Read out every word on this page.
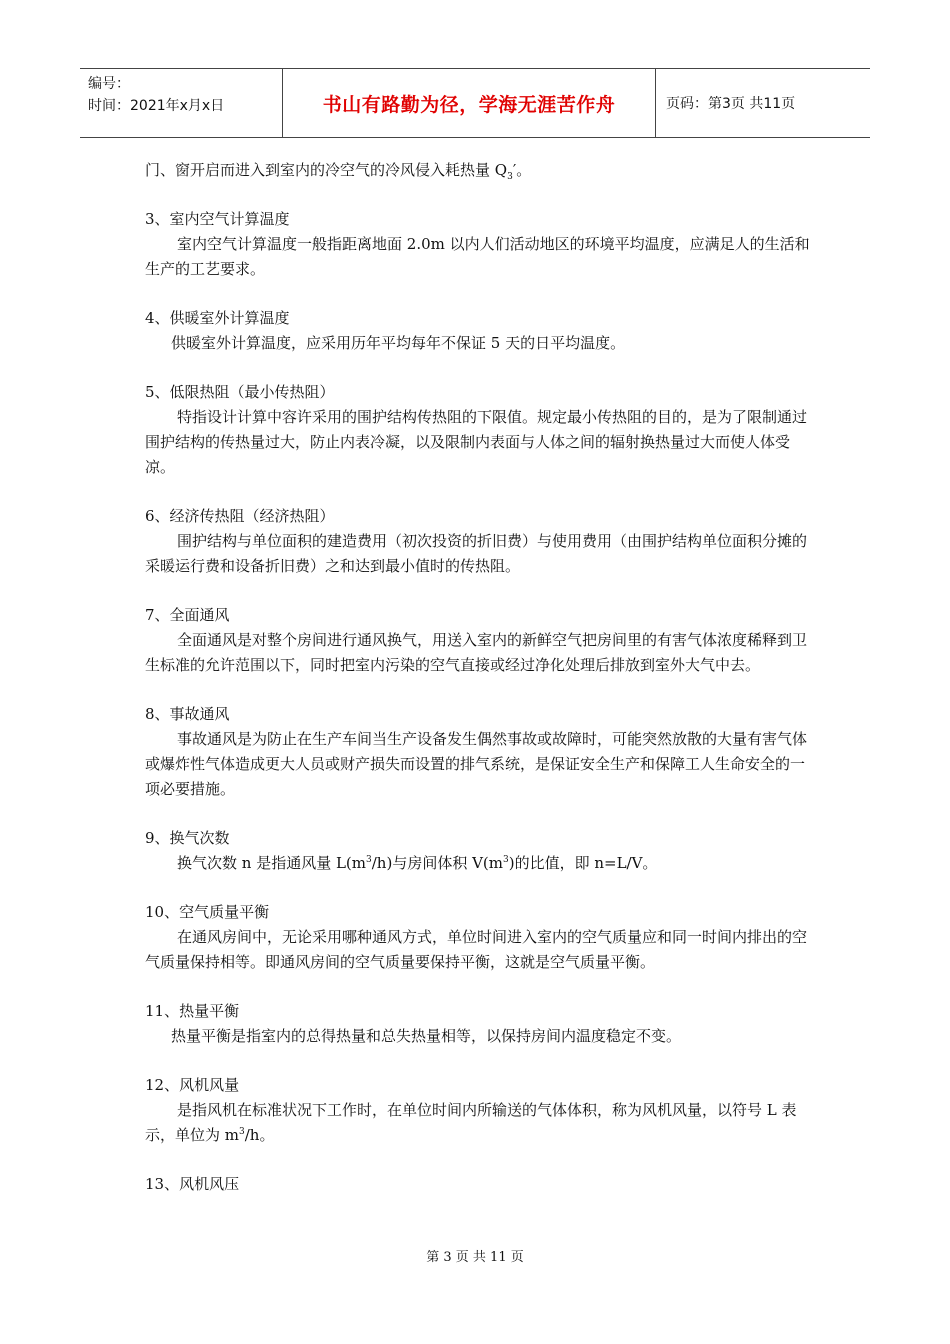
编号：
时间：2021年x月x日	书山有路勤为径，学海无涯苦作舟	页码：第3页 共11页

门、窗开启而进入到室内的冷空气的冷风侵入耗热量 $Q_3'$。

3、室内空气计算温度

室内空气计算温度一般指距离地面 2.0m 以内人们活动地区的环境平均温度，应满足人的生活和生产的工艺要求。

4、供暖室外计算温度

供暖室外计算温度，应采用历年平均每年不保证 5 天的日平均温度。

5、低限热阻（最小传热阻）

特指设计计算中容许采用的围护结构传热阻的下限值。规定最小传热阻的目的，是为了限制通过围护结构的传热量过大，防止内表冷凝，以及限制内表面与人体之间的辐射换热量过大而使人体受凉。

6、经济传热阻（经济热阻）

围护结构与单位面积的建造费用（初次投资的折旧费）与使用费用（由围护结构单位面积分摊的采暖运行费和设备折旧费）之和达到最小值时的传热阻。

7、全面通风

全面通风是对整个房间进行通风换气，用送入室内的新鲜空气把房间里的有害气体浓度稀释到卫生标准的允许范围以下，同时把室内污染的空气直接或经过净化处理后排放到室外大气中去。

8、事故通风

事故通风是为防止在生产车间当生产设备发生偶然事故或故障时，可能突然放散的大量有害气体或爆炸性气体造成更大人员或财产损失而设置的排气系统，是保证安全生产和保障工人生命安全的一项必要措施。

9、换气次数

换气次数 n 是指通风量 $L(m^3/h)$与房间体积 $V(m^3)$的比值，即 n=L/V。

10、空气质量平衡

在通风房间中，无论采用哪种通风方式，单位时间进入室内的空气质量应和同一时间内排出的空气质量保持相等。即通风房间的空气质量要保持平衡，这就是空气质量平衡。

11、热量平衡

热量平衡是指室内的总得热量和总失热量相等，以保持房间内温度稳定不变。

12、风机风量

是指风机在标准状况下工作时，在单位时间内所输送的气体体积，称为风机风量，以符号 L 表示，单位为 $m^3/h$。

13、风机风压

第 3 页 共 11 页
